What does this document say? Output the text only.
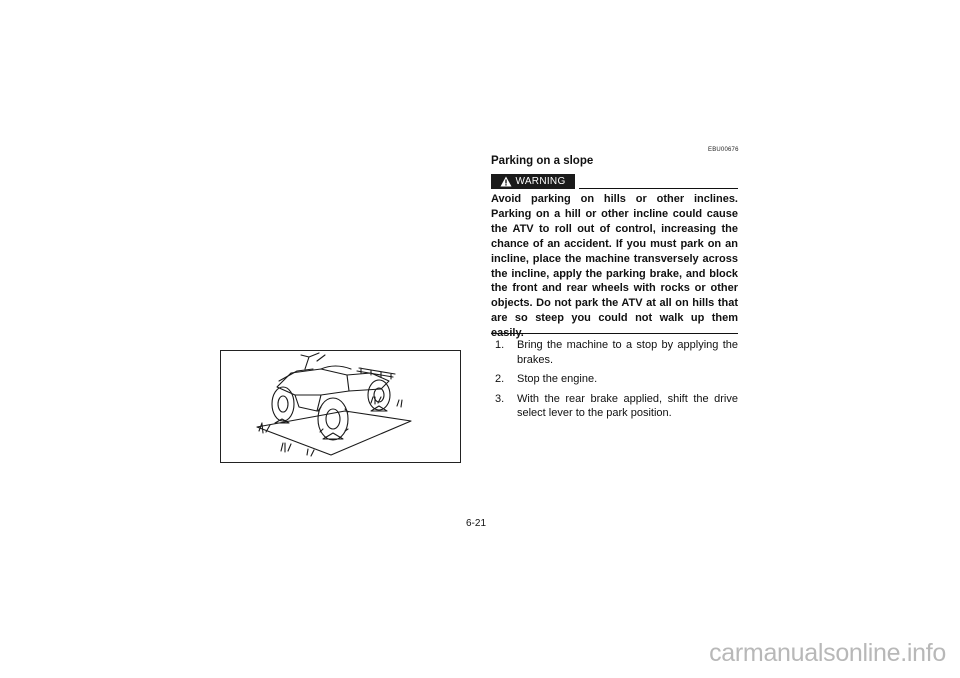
EBU00676
Parking on a slope
WARNING

Avoid parking on hills or other inclines. Parking on a hill or other incline could cause the ATV to roll out of control, increasing the chance of an accident. If you must park on an incline, place the machine transversely across the incline, apply the parking brake, and block the front and rear wheels with rocks or other objects. Do not park the ATV at all on hills that are so steep you could not walk up them easily.

1. Bring the machine to a stop by applying the brakes.
2. Stop the engine.
3. With the rear brake applied, shift the drive select lever to the park position.
6-21
carmanualsonline.info
